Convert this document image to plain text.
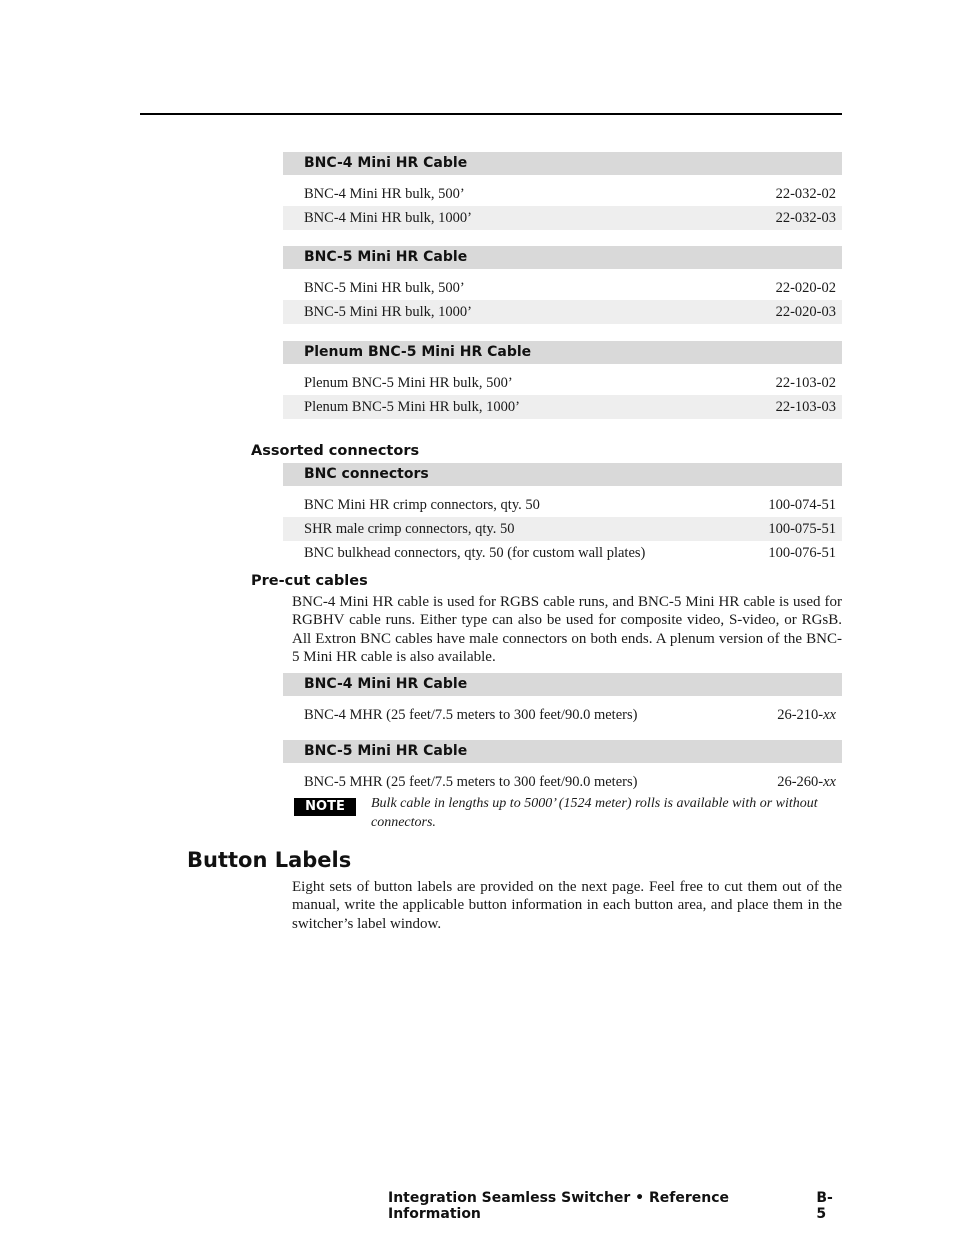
BNC-4 Mini HR Cable
BNC-4 Mini HR bulk, 500’	22-032-02
BNC-4 Mini HR bulk, 1000’	22-032-03
BNC-5 Mini HR Cable
BNC-5 Mini HR bulk, 500’	22-020-02
BNC-5 Mini HR bulk, 1000’	22-020-03
Plenum BNC-5 Mini HR Cable
Plenum BNC-5 Mini HR bulk, 500’	22-103-02
Plenum BNC-5 Mini HR bulk, 1000’	22-103-03
Assorted connectors
BNC connectors
BNC Mini HR crimp connectors, qty. 50	100-074-51
SHR male crimp connectors, qty. 50	100-075-51
BNC bulkhead connectors, qty. 50 (for custom wall plates)	100-076-51
Pre-cut cables
BNC-4 Mini HR cable is used for RGBS cable runs, and BNC-5 Mini HR cable is used for RGBHV cable runs. Either type can also be used for composite video, S-video, or RGsB. All Extron BNC cables have male connectors on both ends. A plenum version of the BNC-5 Mini HR cable is also available.
BNC-4 Mini HR Cable
BNC-4 MHR (25 feet/7.5 meters to 300 feet/90.0 meters)	26-210-xx
BNC-5 Mini HR Cable
BNC-5 MHR (25 feet/7.5 meters to 300 feet/90.0 meters)	26-260-xx
NOTE	Bulk cable in lengths up to 5000’ (1524 meter) rolls is available with or without connectors.
Button Labels
Eight sets of button labels are provided on the next page. Feel free to cut them out of the manual, write the applicable button information in each button area, and place them in the switcher’s label window.
Integration Seamless Switcher • Reference Information
B-5
